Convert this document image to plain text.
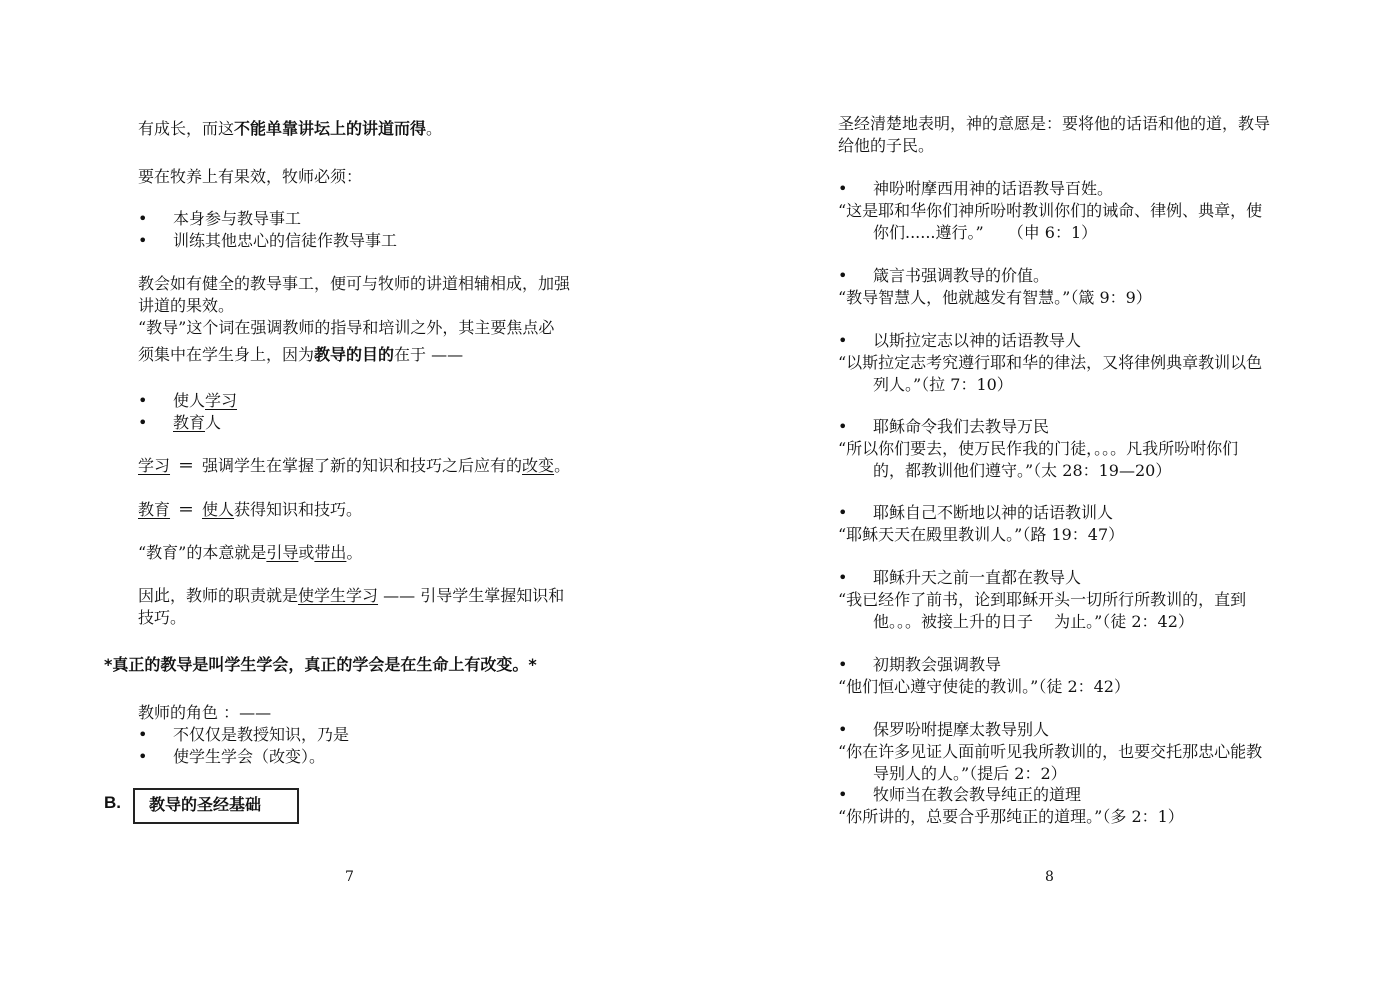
有成长，而这不能单靠讲坛上的讲道而得。
要在牧养上有果效，牧师必须：
• 本身参与教导事工
• 训练其他忠心的信徒作教导事工
教会如有健全的教导事工，便可与牧师的讲道相辅相成，加强
讲道的果效。
“教导”这个词在强调教师的指导和培训之外，其主要焦点必
须集中在学生身上，因为教导的目的在于 ——
• 使人学习
• 教育人
学习 ＝ 强调学生在掌握了新的知识和技巧之后应有的改变。
教育 ＝ 使人获得知识和技巧。
“教育”的本意就是引导或带出。
因此，教师的职责就是使学生学习 —— 引导学生掌握知识和
技巧。
*真正的教导是叫学生学会，真正的学会是在生命上有改变。*
教师的角色 ：——
• 不仅仅是教授知识，乃是
• 使学生学会（改变）。
B.	教导的圣经基础
7
圣经清楚地表明，神的意愿是：要将他的话语和他的道，教导
给他的子民。
• 神吩咐摩西用神的话语教导百姓。
“这是耶和华你们神所吩咐教训你们的诫命、律例、典章，使
你们......遵行。”　　（申 6：1）
• 箴言书强调教导的价值。
“教导智慧人，他就越发有智慧。”（箴 9：9）
• 以斯拉定志以神的话语教导人
“以斯拉定志考究遵行耶和华的律法，又将律例典章教训以色
列人。”（拉 7：10）
• 耶稣命令我们去教导万民
“所以你们要去，使万民作我的门徒，。。。凡我所吩咐你们
的，都教训他们遵守。”（太 28：19—20）
• 耶稣自己不断地以神的话语教训人
“耶稣天天在殿里教训人。”（路 19：47）
• 耶稣升天之前一直都在教导人
“我已经作了前书，论到耶稣开头一切所行所教训的，直到
他。。。被接上升的日子　 为止。”（徒 2：42）
• 初期教会强调教导
“他们恒心遵守使徒的教训。”（徒 2：42）
• 保罗吩咐提摩太教导别人
“你在许多见证人面前听见我所教训的，也要交托那忠心能教
导别人的人。”（提后 2：2）
• 牧师当在教会教导纯正的道理
“你所讲的，总要合乎那纯正的道理。”（多 2：1）
8
